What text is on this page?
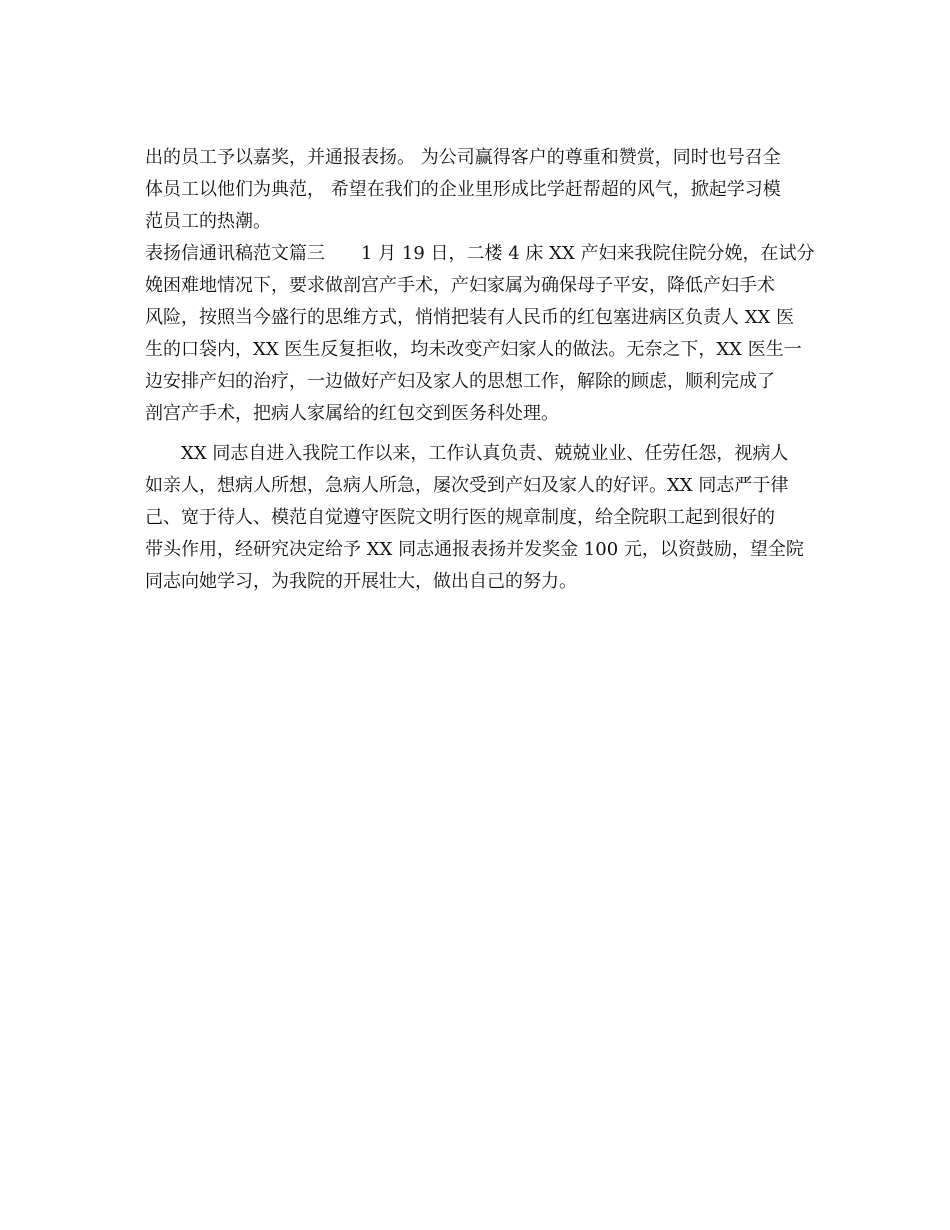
出的员工予以嘉奖，并通报表扬。 为公司赢得客户的尊重和赞赏，同时也号召全
体员工以他们为典范， 希望在我们的企业里形成比学赶帮超的风气，掀起学习模
范员工的热潮。
表扬信通讯稿范文篇三　　1 月 19 日，二楼 4 床 XX 产妇来我院住院分娩，在试分
娩困难地情况下，要求做剖宫产手术，产妇家属为确保母子平安，降低产妇手术
风险，按照当今盛行的思维方式，悄悄把装有人民币的红包塞进病区负责人 XX 医
生的口袋内，XX 医生反复拒收，均未改变产妇家人的做法。无奈之下，XX 医生一
边安排产妇的治疗，一边做好产妇及家人的思想工作，解除的顾虑，顺利完成了
剖宫产手术，把病人家属给的红包交到医务科处理。
　　XX 同志自进入我院工作以来，工作认真负责、兢兢业业、任劳任怨，视病人
如亲人，想病人所想，急病人所急，屡次受到产妇及家人的好评。XX 同志严于律
己、宽于待人、模范自觉遵守医院文明行医的规章制度，给全院职工起到很好的
带头作用，经研究决定给予 XX 同志通报表扬并发奖金 100 元，以资鼓励，望全院
同志向她学习，为我院的开展壮大，做出自己的努力。
